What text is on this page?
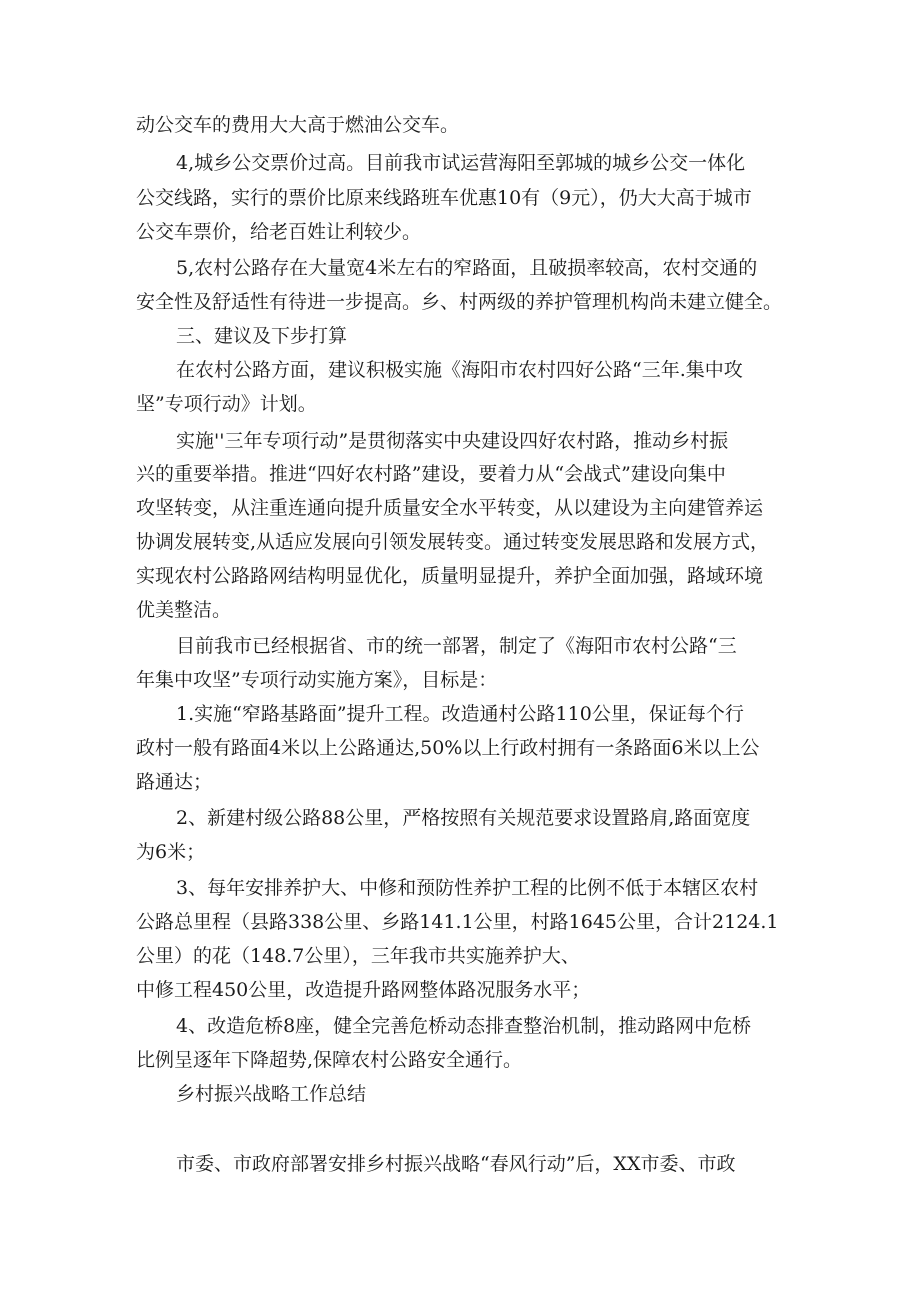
动公交车的费用大大高于燃油公交车。
4,城乡公交票价过高。目前我市试运营海阳至郭城的城乡公交一体化
公交线路，实行的票价比原来线路班车优惠10有（9元），仍大大高于城市
公交车票价，给老百姓让利较少。
5,农村公路存在大量宽4米左右的窄路面，且破损率较高，农村交通的
安全性及舒适性有待进一步提高。乡、村两级的养护管理机构尚未建立健全。
三、建议及下步打算
在农村公路方面，建议积极实施《海阳市农村四好公路“三年.集中攻
坚”专项行动》计划。
实施''三年专项行动”是贯彻落实中央建设四好农村路，推动乡村振
兴的重要举措。推进“四好农村路”建设，要着力从“会战式”建设向集中
攻坚转变，从注重连通向提升质量安全水平转变，从以建设为主向建管养运
协调发展转变,从适应发展向引领发展转变。通过转变发展思路和发展方式，
实现农村公路路网结构明显优化，质量明显提升，养护全面加强，路域环境
优美整洁。
目前我市已经根据省、市的统一部署，制定了《海阳市农村公路“三
年集中攻坚”专项行动实施方案》，目标是：
1.实施“窄路基路面”提升工程。改造通村公路110公里，保证每个行
政村一般有路面4米以上公路通达,50%以上行政村拥有一条路面6米以上公
路通达；
2、新建村级公路88公里，严格按照有关规范要求设置路肩,路面宽度
为6米；
3、每年安排养护大、中修和预防性养护工程的比例不低于本辖区农村
公路总里程（县路338公里、乡路141.1公里，村路1645公里，合计2124.1
公里）的花（148.7公里），三年我市共实施养护大、
中修工程450公里，改造提升路网整体路况服务水平；
4、改造危桥8座，健全完善危桥动态排查整治机制，推动路网中危桥
比例呈逐年下降超势,保障农村公路安全通行。
乡村振兴战略工作总结
市委、市政府部署安排乡村振兴战略“春风行动”后，XX市委、市政
